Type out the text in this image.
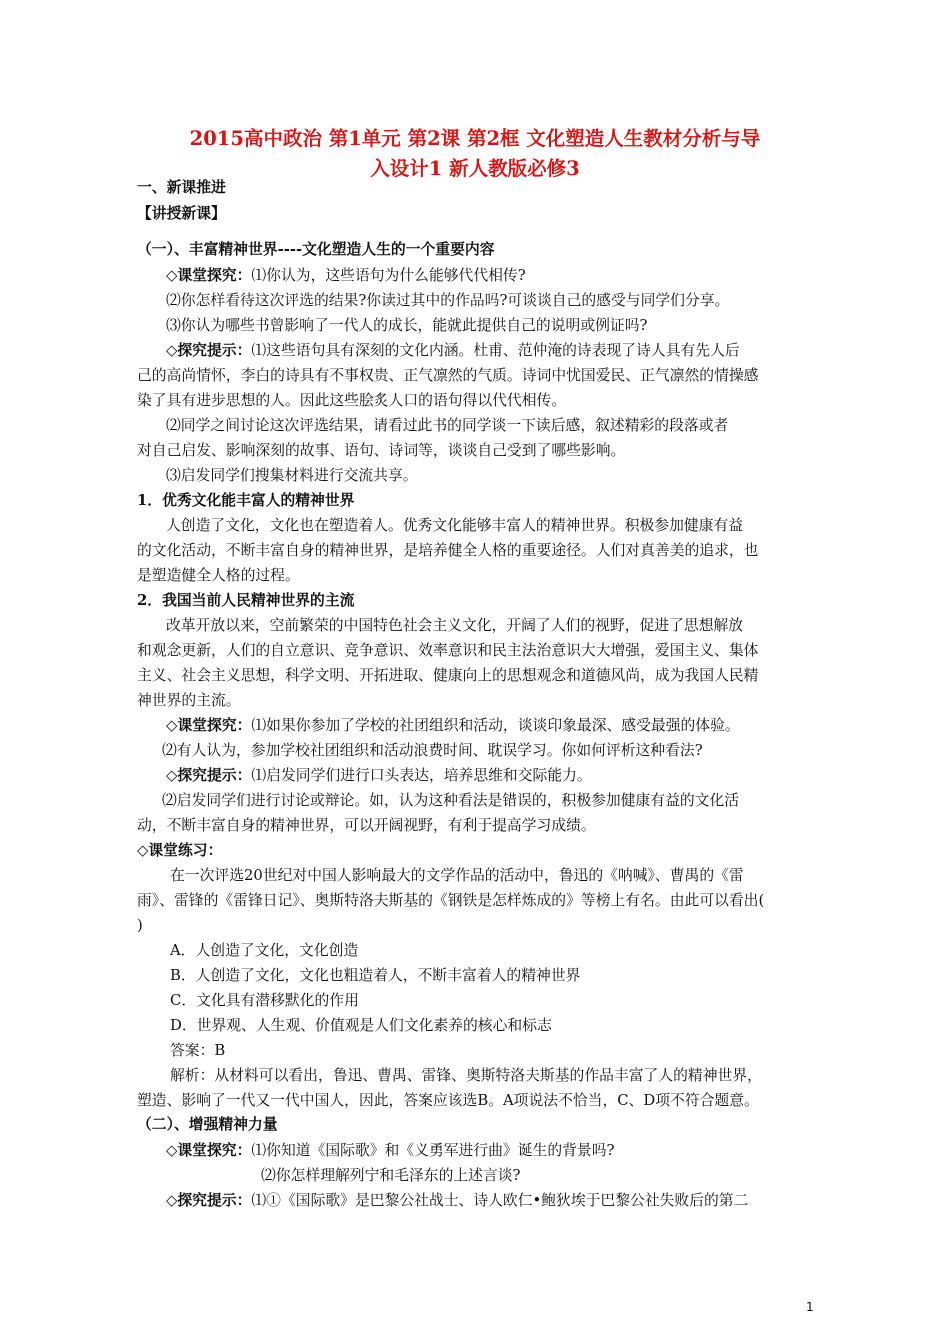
2015高中政治 第1单元 第2课 第2框 文化塑造人生教材分析与导
入设计1 新人教版必修3
一、新课推进
【讲授新课】
（一）、丰富精神世界----文化塑造人生的一个重要内容
◇课堂探究：⑴你认为，这些语句为什么能够代代相传?
⑵你怎样看待这次评选的结果?你读过其中的作品吗?可谈谈自己的感受与同学们分享。
⑶你认为哪些书曾影响了一代人的成长，能就此提供自己的说明或例证吗?
◇探究提示：⑴这些语句具有深刻的文化内涵。杜甫、范仲淹的诗表现了诗人具有先人后
己的高尚情怀，李白的诗具有不事权贵、正气凛然的气质。诗词中忧国爱民、正气凛然的情操感
染了具有进步思想的人。因此这些脍炙人口的语句得以代代相传。
⑵同学之间讨论这次评选结果，请看过此书的同学谈一下读后感，叙述精彩的段落或者
对自己启发、影响深刻的故事、语句、诗词等，谈谈自己受到了哪些影响。
⑶启发同学们搜集材料进行交流共享。
1．优秀文化能丰富人的精神世界
人创造了文化，文化也在塑造着人。优秀文化能够丰富人的精神世界。积极参加健康有益
的文化活动，不断丰富自身的精神世界，是培养健全人格的重要途径。人们对真善美的追求，也
是塑造健全人格的过程。
2．我国当前人民精神世界的主流
改革开放以来，空前繁荣的中国特色社会主义文化，开阔了人们的视野，促进了思想解放
和观念更新，人们的自立意识、竞争意识、效率意识和民主法治意识大大增强，爱国主义、集体
主义、社会主义思想，科学文明、开拓进取、健康向上的思想观念和道德风尚，成为我国人民精
神世界的主流。
◇课堂探究：⑴如果你参加了学校的社团组织和活动，谈谈印象最深、感受最强的体验。
⑵有人认为，参加学校社团组织和活动浪费时间、耽误学习。你如何评析这种看法?
◇探究提示：⑴启发同学们进行口头表达，培养思维和交际能力。
⑵启发同学们进行讨论或辩论。如，认为这种看法是错误的，积极参加健康有益的文化活
动，不断丰富自身的精神世界，可以开阔视野，有利于提高学习成绩。
◇课堂练习：
在一次评选20世纪对中国人影响最大的文学作品的活动中，鲁迅的《呐喊》、曹禺的《雷
雨》、雷锋的《雷锋日记》、奥斯特洛夫斯基的《钢铁是怎样炼成的》等榜上有名。由此可以看出(
)
A．人创造了文化，文化创造
B．人创造了文化，文化也粗造着人，不断丰富着人的精神世界
C．文化具有潜移默化的作用
D．世界观、人生观、价值观是人们文化素养的核心和标志
答案：B
解析：从材料可以看出，鲁迅、曹禺、雷锋、奥斯特洛夫斯基的作品丰富了人的精神世界，
塑造、影响了一代又一代中国人，因此，答案应该选B。A项说法不恰当，C、D项不符合题意。
（二）、增强精神力量
◇课堂探究：⑴你知道《国际歌》和《义勇军进行曲》诞生的背景吗?
⑵你怎样理解列宁和毛泽东的上述言谈?
◇探究提示：⑴①《国际歌》是巴黎公社战士、诗人欧仁•鲍狄埃于巴黎公社失败后的第二
1
